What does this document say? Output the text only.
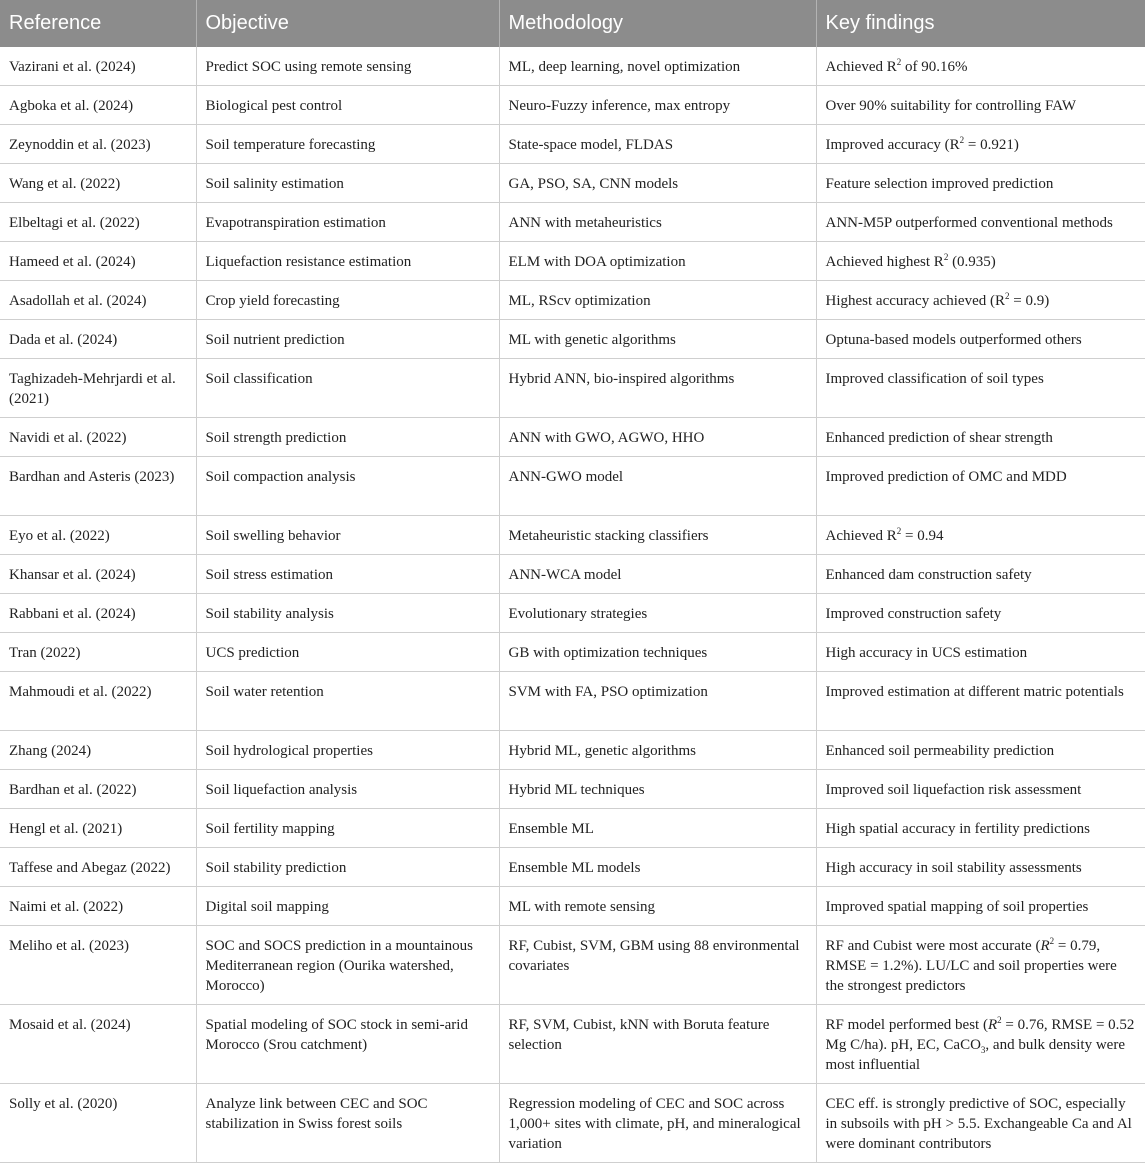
Reference	Objective	Methodology	Key findings
Vazirani et al. (2024)	Predict SOC using remote sensing	ML, deep learning, novel optimization	Achieved $R^2$ of 90.16%
Agboka et al. (2024)	Biological pest control	Neuro-Fuzzy inference, max entropy	Over 90% suitability for controlling FAW
Zeynoddin et al. (2023)	Soil temperature forecasting	State-space model, FLDAS	Improved accuracy $(R^2 = 0.921)$
Wang et al. (2022)	Soil salinity estimation	GA, PSO, SA, CNN models	Feature selection improved prediction
Elbeltagi et al. (2022)	Evapotranspiration estimation	ANN with metaheuristics	ANN-M5P outperformed conventional methods
Hameed et al. (2024)	Liquefaction resistance estimation	ELM with DOA optimization	Achieved highest $R^2$ (0.935)
Asadollah et al. (2024)	Crop yield forecasting	ML, RScv optimization	Highest accuracy achieved $(R^2 = 0.9)$
Dada et al. (2024)	Soil nutrient prediction	ML with genetic algorithms	Optuna-based models outperformed others
Taghizadeh-Mehrjardi et al. (2021)	Soil classification	Hybrid ANN, bio-inspired algorithms	Improved classification of soil types
Navidi et al. (2022)	Soil strength prediction	ANN with GWO, AGWO, HHO	Enhanced prediction of shear strength
Bardhan and Asteris (2023)	Soil compaction analysis	ANN-GWO model	Improved prediction of OMC and MDD
Eyo et al. (2022)	Soil swelling behavior	Metaheuristic stacking classifiers	Achieved $R^2 = 0.94$
Khansar et al. (2024)	Soil stress estimation	ANN-WCA model	Enhanced dam construction safety
Rabbani et al. (2024)	Soil stability analysis	Evolutionary strategies	Improved construction safety
Tran (2022)	UCS prediction	GB with optimization techniques	High accuracy in UCS estimation
Mahmoudi et al. (2022)	Soil water retention	SVM with FA, PSO optimization	Improved estimation at different matric potentials
Zhang (2024)	Soil hydrological properties	Hybrid ML, genetic algorithms	Enhanced soil permeability prediction
Bardhan et al. (2022)	Soil liquefaction analysis	Hybrid ML techniques	Improved soil liquefaction risk assessment
Hengl et al. (2021)	Soil fertility mapping	Ensemble ML	High spatial accuracy in fertility predictions
Taffese and Abegaz (2022)	Soil stability prediction	Ensemble ML models	High accuracy in soil stability assessments
Naimi et al. (2022)	Digital soil mapping	ML with remote sensing	Improved spatial mapping of soil properties
Meliho et al. (2023)	SOC and SOCS prediction in a mountainous Mediterranean region (Ourika watershed, Morocco)	RF, Cubist, SVM, GBM using 88 environmental covariates	RF and Cubist were most accurate ($R^2 = 0.79$, RMSE = 1.2%). LU/LC and soil properties were the strongest predictors
Mosaid et al. (2024)	Spatial modeling of SOC stock in semi-arid Morocco (Srou catchment)	RF, SVM, Cubist, kNN with Boruta feature selection	RF model performed best ($R^2 = 0.76$, RMSE = 0.52 Mg C/ha). pH, EC, CaCO$_3$, and bulk density were most influential
Solly et al. (2020)	Analyze link between CEC and SOC stabilization in Swiss forest soils	Regression modeling of CEC and SOC across 1,000+ sites with climate, pH, and mineralogical variation	CEC eff. is strongly predictive of SOC, especially in subsoils with pH > 5.5. Exchangeable Ca and Al were dominant contributors
